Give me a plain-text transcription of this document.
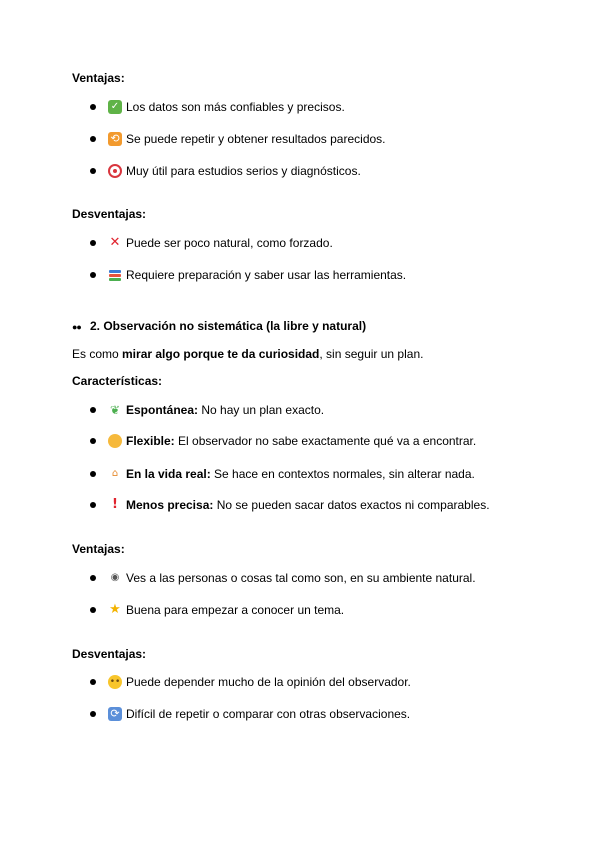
Ventajas:
✓ Los datos son más confiables y precisos.
⟲ Se puede repetir y obtener resultados parecidos.
Muy útil para estudios serios y diagnósticos.
Desventajas:
✕ Puede ser poco natural, como forzado.
Requiere preparación y saber usar las herramientas.
●● 2. Observación no sistemática (la libre y natural)
Es como mirar algo porque te da curiosidad, sin seguir un plan.
Características:
❦ Espontánea: No hay un plan exacto.
Flexible: El observador no sabe exactamente qué va a encontrar.
⌂ En la vida real: Se hace en contextos normales, sin alterar nada.
! Menos precisa: No se pueden sacar datos exactos ni comparables.
Ventajas:
◉ Ves a las personas o cosas tal como son, en su ambiente natural.
★ Buena para empezar a conocer un tema.
Desventajas:
•• Puede depender mucho de la opinión del observador.
⟳ Difícil de repetir o comparar con otras observaciones.
